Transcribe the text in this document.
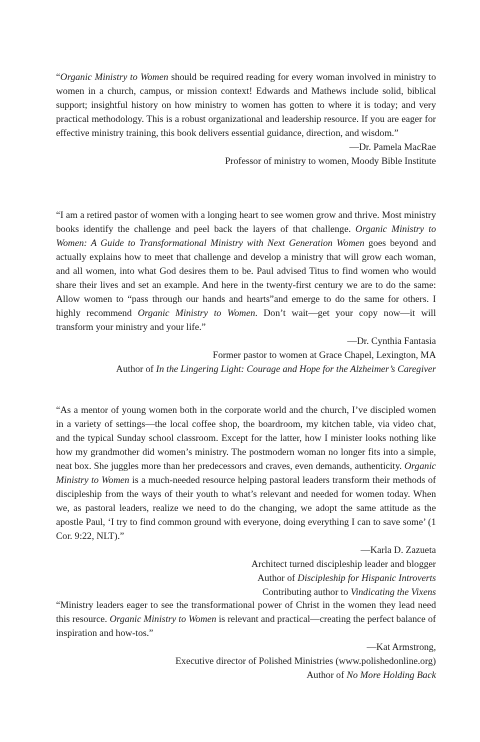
“Organic Ministry to Women should be required reading for every woman involved in ministry to women in a church, campus, or mission context! Edwards and Mathews include solid, biblical support; insightful history on how ministry to women has gotten to where it is today; and very practical methodology. This is a robust organizational and leadership resource. If you are eager for effective ministry training, this book delivers essential guidance, direction, and wisdom.”

—Dr. Pamela MacRae
Professor of ministry to women, Moody Bible Institute

“I am a retired pastor of women with a longing heart to see women grow and thrive. Most ministry books identify the challenge and peel back the layers of that challenge. Organic Ministry to Women: A Guide to Transformational Ministry with Next Generation Women goes beyond and actually explains how to meet that challenge and develop a ministry that will grow each woman, and all women, into what God desires them to be. Paul advised Titus to find women who would share their lives and set an example. And here in the twenty-first century we are to do the same: Allow women to “pass through our hands and hearts”and emerge to do the same for others. I highly recommend Organic Ministry to Women. Don’t wait—get your copy now—it will transform your ministry and your life.”

—Dr. Cynthia Fantasia
Former pastor to women at Grace Chapel, Lexington, MA
Author of In the Lingering Light: Courage and Hope for the Alzheimer’s Caregiver

“As a mentor of young women both in the corporate world and the church, I’ve discipled women in a variety of settings—the local coffee shop, the boardroom, my kitchen table, via video chat, and the typical Sunday school classroom. Except for the latter, how I minister looks nothing like how my grandmother did women’s ministry. The postmodern woman no longer fits into a simple, neat box. She juggles more than her predecessors and craves, even demands, authenticity. Organic Ministry to Women is a much-needed resource helping pastoral leaders transform their methods of discipleship from the ways of their youth to what’s relevant and needed for women today. When we, as pastoral leaders, realize we need to do the changing, we adopt the same attitude as the apostle Paul, ‘I try to find common ground with everyone, doing everything I can to save some’ (1 Cor. 9:22, NLT).”

—Karla D. Zazueta
Architect turned discipleship leader and blogger
Author of Discipleship for Hispanic Introverts
Contributing author to Vindicating the Vixens

“Ministry leaders eager to see the transformational power of Christ in the women they lead need this resource. Organic Ministry to Women is relevant and practical—creating the perfect balance of inspiration and how-tos.”

—Kat Armstrong,
Executive director of Polished Ministries (www.polishedonline.org)
Author of No More Holding Back
